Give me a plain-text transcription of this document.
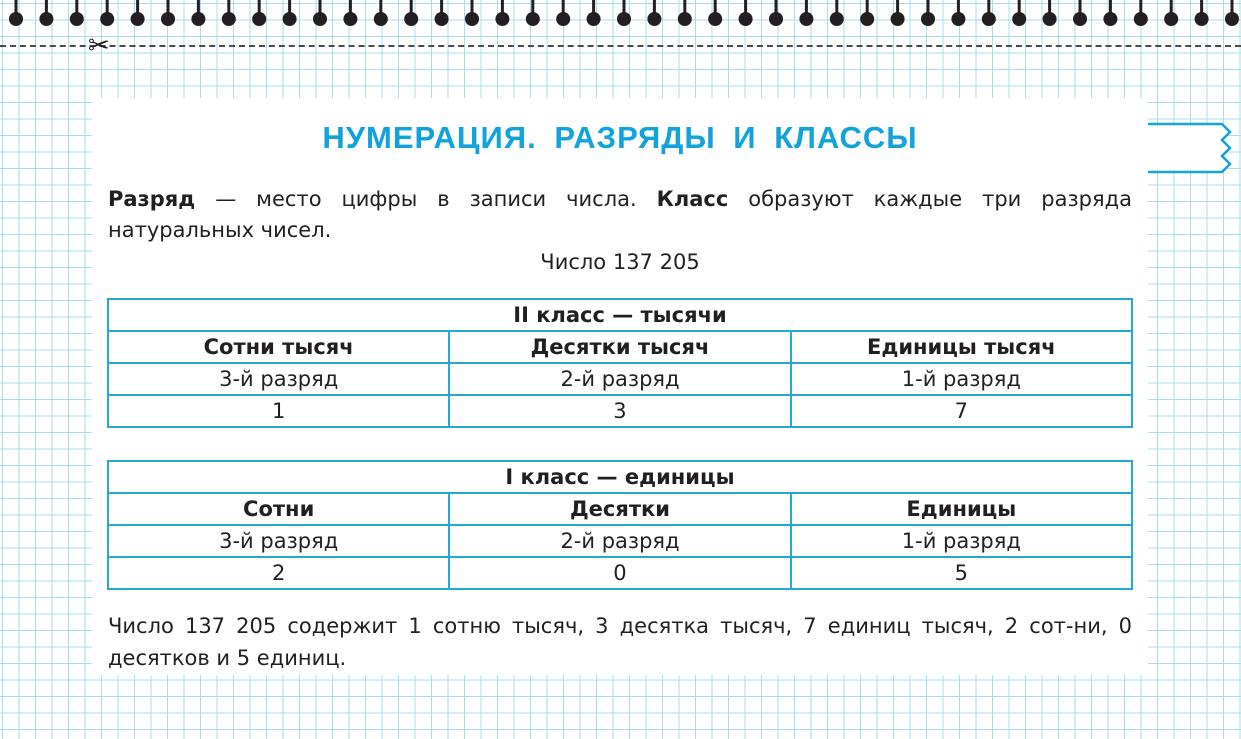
✂
НУМЕРАЦИЯ. РАЗРЯДЫ И КЛАССЫ
Разряд — место цифры в записи числа. Класс образуют каждые три разряда натуральных чисел.
Число 137 205
II класс — тысячи		
Сотни тысяч	Десятки тысяч	Единицы тысяч
3-й разряд	2-й разряд	1-й разряд
1	3	7
I класс — единицы		
Сотни	Десятки	Единицы
3-й разряд	2-й разряд	1-й разряд
2	0	5
Число 137 205 содержит 1 сотню тысяч, 3 десятка тысяч, 7 единиц тысяч, 2 сот-ни, 0 десятков и 5 единиц.
